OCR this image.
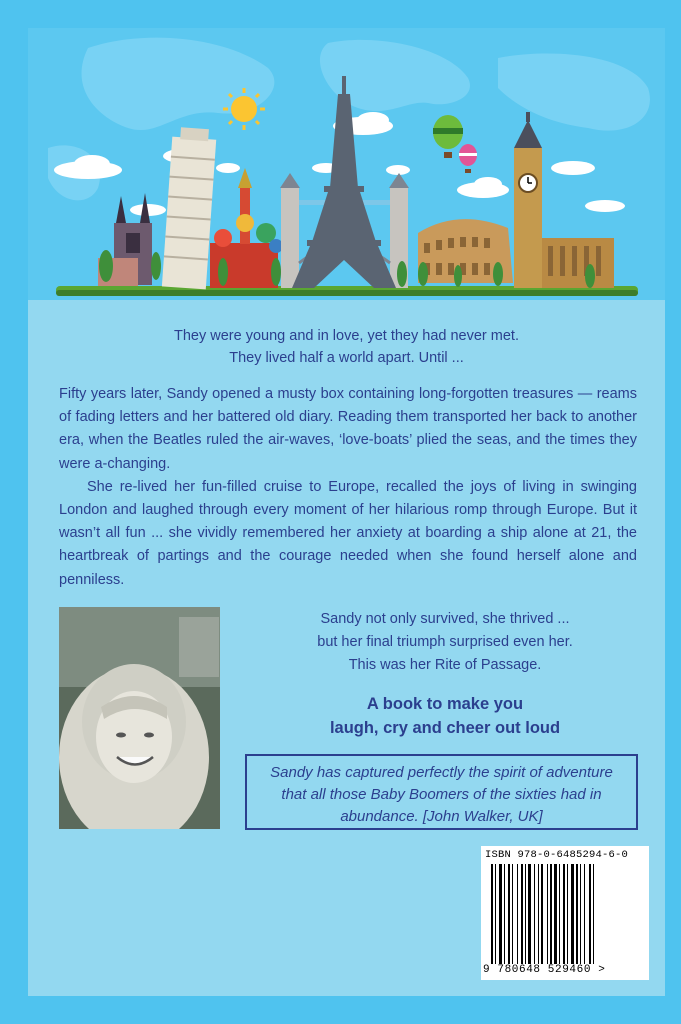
They were young and in love, yet they had never met.
They lived half a world apart. Until ...

Fifty years later, Sandy opened a musty box containing long-forgotten treasures — reams of fading letters and her battered old diary. Reading them transported her back to another era, when the Beatles ruled the air-waves, ‘love-boats’ plied the seas, and the times they were a-changing.

She re-lived her fun-filled cruise to Europe, recalled the joys of living in swinging London and laughed through every moment of her hilarious romp through Europe. But it wasn’t all fun ... she vividly remembered her anxiety at boarding a ship alone at 21, the heartbreak of partings and the courage needed when she found herself alone and penniless.

Sandy not only survived, she thrived ...
but her final triumph surprised even her.
This was her Rite of Passage.
A book to make you
laugh, cry and cheer out loud
Sandy has captured perfectly the spirit of adventure
that all those Baby Boomers of the sixties had in
abundance. [John Walker, UK]
ISBN 978-0-6485294-6-0
9 780648 529460 >
